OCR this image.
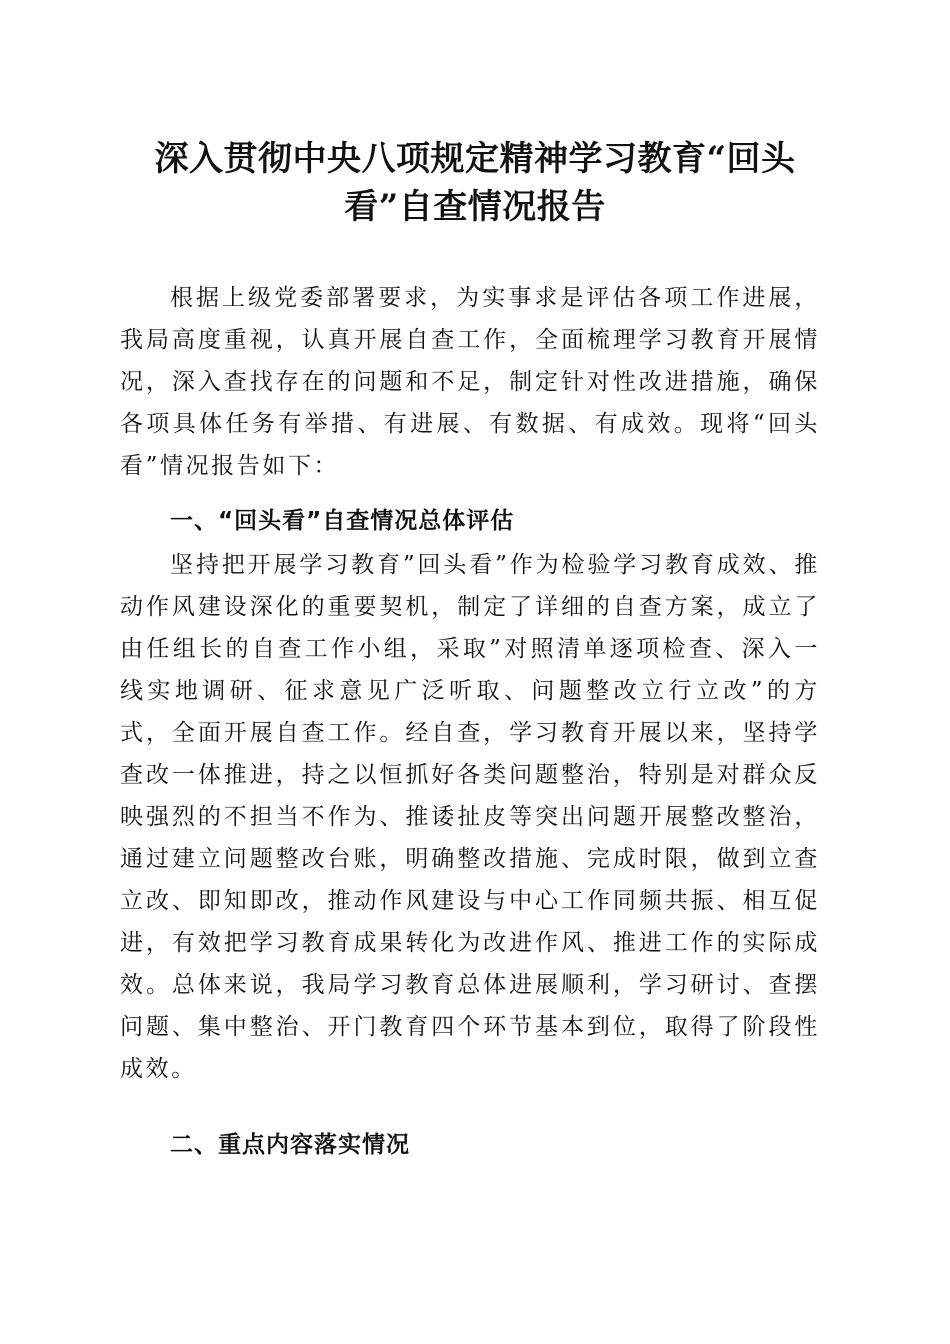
深入贯彻中央八项规定精神学习教育“回头看”自查情况报告

根据上级党委部署要求，为实事求是评估各项工作进展，我局高度重视，认真开展自查工作，全面梳理学习教育开展情况，深入查找存在的问题和不足，制定针对性改进措施，确保各项具体任务有举措、有进展、有数据、有成效。现将“回头看”情况报告如下：

一、“回头看”自查情况总体评估

坚持把开展学习教育”回头看”作为检验学习教育成效、推动作风建设深化的重要契机，制定了详细的自查方案，成立了由任组长的自查工作小组，采取”对照清单逐项检查、深入一线实地调研、征求意见广泛听取、问题整改立行立改”的方式，全面开展自查工作。经自查，学习教育开展以来，坚持学查改一体推进，持之以恒抓好各类问题整治，特别是对群众反映强烈的不担当不作为、推诿扯皮等突出问题开展整改整治，通过建立问题整改台账，明确整改措施、完成时限，做到立查立改、即知即改，推动作风建设与中心工作同频共振、相互促进，有效把学习教育成果转化为改进作风、推进工作的实际成效。总体来说，我局学习教育总体进展顺利，学习研讨、查摆问题、集中整治、开门教育四个环节基本到位，取得了阶段性成效。

二、重点内容落实情况
